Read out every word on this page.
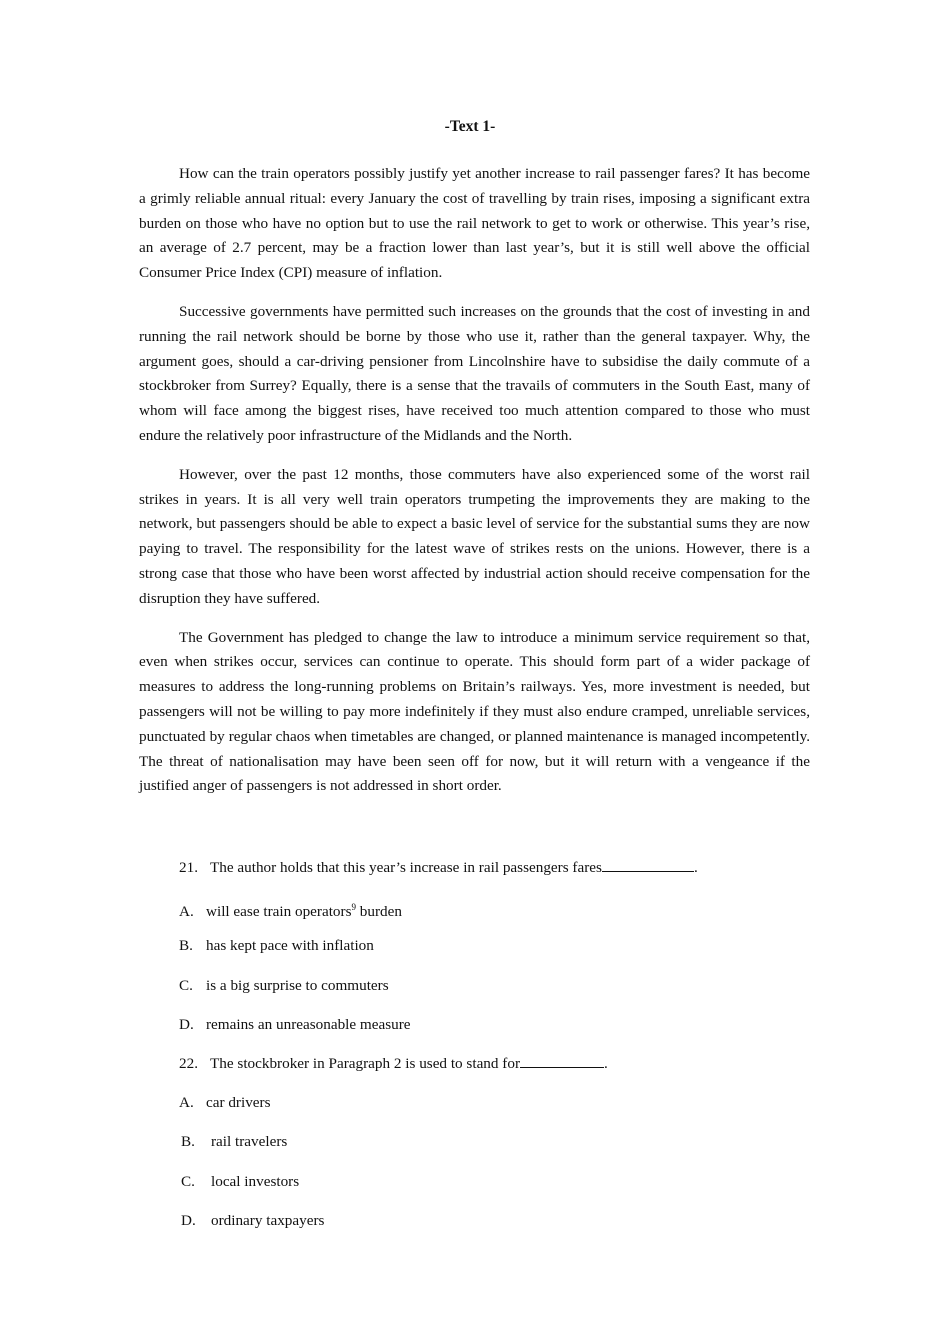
-Text 1-

How can the train operators possibly justify yet another increase to rail passenger fares? It has become a grimly reliable annual ritual: every January the cost of travelling by train rises, imposing a significant extra burden on those who have no option but to use the rail network to get to work or otherwise. This year’s rise, an average of 2.7 percent, may be a fraction lower than last year’s, but it is still well above the official Consumer Price Index (CPI) measure of inflation.

Successive governments have permitted such increases on the grounds that the cost of investing in and running the rail network should be borne by those who use it, rather than the general taxpayer. Why, the argument goes, should a car-driving pensioner from Lincolnshire have to subsidise the daily commute of a stockbroker from Surrey? Equally, there is a sense that the travails of commuters in the South East, many of whom will face among the biggest rises, have received too much attention compared to those who must endure the relatively poor infrastructure of the Midlands and the North.

However, over the past 12 months, those commuters have also experienced some of the worst rail strikes in years. It is all very well train operators trumpeting the improvements they are making to the network, but passengers should be able to expect a basic level of service for the substantial sums they are now paying to travel. The responsibility for the latest wave of strikes rests on the unions. However, there is a strong case that those who have been worst affected by industrial action should receive compensation for the disruption they have suffered.

The Government has pledged to change the law to introduce a minimum service requirement so that, even when strikes occur, services can continue to operate. This should form part of a wider package of measures to address the long-running problems on Britain’s railways. Yes, more investment is needed, but passengers will not be willing to pay more indefinitely if they must also endure cramped, unreliable services, punctuated by regular chaos when timetables are changed, or planned maintenance is managed incompetently. The threat of nationalisation may have been seen off for now, but it will return with a vengeance if the justified anger of passengers is not addressed in short order.

21. The author holds that this year’s increase in rail passengers fares	.
A. will ease train operators$^9$ burden
B. has kept pace with inflation
C. is a big surprise to commuters
D. remains an unreasonable measure
22. The stockbroker in Paragraph 2 is used to stand for	.
A. car drivers
B. rail travelers
C. local investors
D. ordinary taxpayers
